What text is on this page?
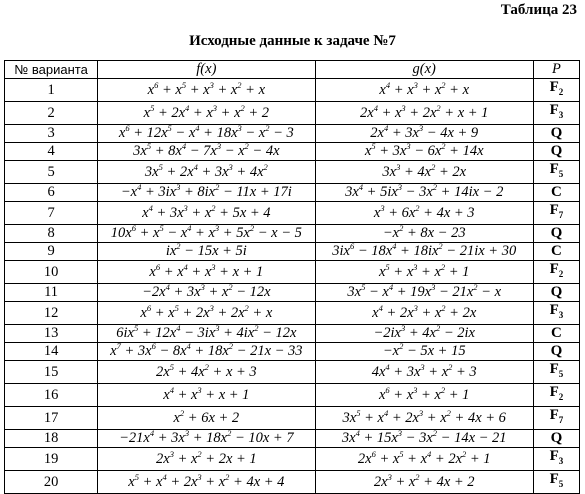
Таблица 23
Исходные данные к задаче №7
№ варианта	f(x)	g(x)	P
1	$x^6 + x^5 + x^3 + x^2 + x$	$x^4 + x^3 + x^2 + x$	$F_2$
2	$x^5 + 2x^4 + x^3 + x^2 + 2$	$2x^4 + x^3 + 2x^2 + x + 1$	$F_3$
3	$x^6 + 12x^5 - x^4 + 18x^3 - x^2 - 3$	$2x^4 + 3x^3 - 4x + 9$	Q
4	$3x^5 + 8x^4 - 7x^3 - x^2 - 4x$	$x^5 + 3x^3 - 6x^2 + 14x$	Q
5	$3x^5 + 2x^4 + 3x^3 + 4x^2$	$3x^3 + 4x^2 + 2x$	$F_5$
6	$-x^4 + 3ix^3 + 8ix^2 - 11x + 17i$	$3x^4 + 5ix^3 - 3x^2 + 14ix - 2$	C
7	$x^4 + 3x^3 + x^2 + 5x + 4$	$x^3 + 6x^2 + 4x + 3$	$F_7$
8	$10x^6 + x^5 - x^4 + x^3 + 5x^2 - x - 5$	$-x^2 + 8x - 23$	Q
9	$ix^2 - 15x + 5i$	$3ix^6 - 18x^4 + 18ix^2 - 21ix + 30$	C
10	$x^6 + x^4 + x^3 + x + 1$	$x^5 + x^3 + x^2 + 1$	$F_2$
11	$-2x^4 + 3x^3 + x^2 - 12x$	$3x^5 - x^4 + 19x^3 - 21x^2 - x$	Q
12	$x^6 + x^5 + 2x^3 + 2x^2 + x$	$x^4 + 2x^3 + x^2 + 2x$	$F_3$
13	$6ix^5 + 12x^4 - 3ix^3 + 4ix^2 - 12x$	$-2ix^3 + 4x^2 - 2ix$	C
14	$x^7 + 3x^6 - 8x^4 + 18x^2 - 21x - 33$	$-x^2 - 5x + 15$	Q
15	$2x^5 + 4x^2 + x + 3$	$4x^4 + 3x^3 + x^2 + 3$	$F_5$
16	$x^4 + x^3 + x + 1$	$x^6 + x^3 + x^2 + 1$	$F_2$
17	$x^2 + 6x + 2$	$3x^5 + x^4 + 2x^3 + x^2 + 4x + 6$	$F_7$
18	$-21x^4 + 3x^3 + 18x^2 - 10x + 7$	$3x^4 + 15x^3 - 3x^2 - 14x - 21$	Q
19	$2x^3 + x^2 + 2x + 1$	$2x^6 + x^5 + x^4 + 2x^2 + 1$	$F_3$
20	$x^5 + x^4 + 2x^3 + x^2 + 4x + 4$	$2x^3 + x^2 + 4x + 2$	$F_5$
